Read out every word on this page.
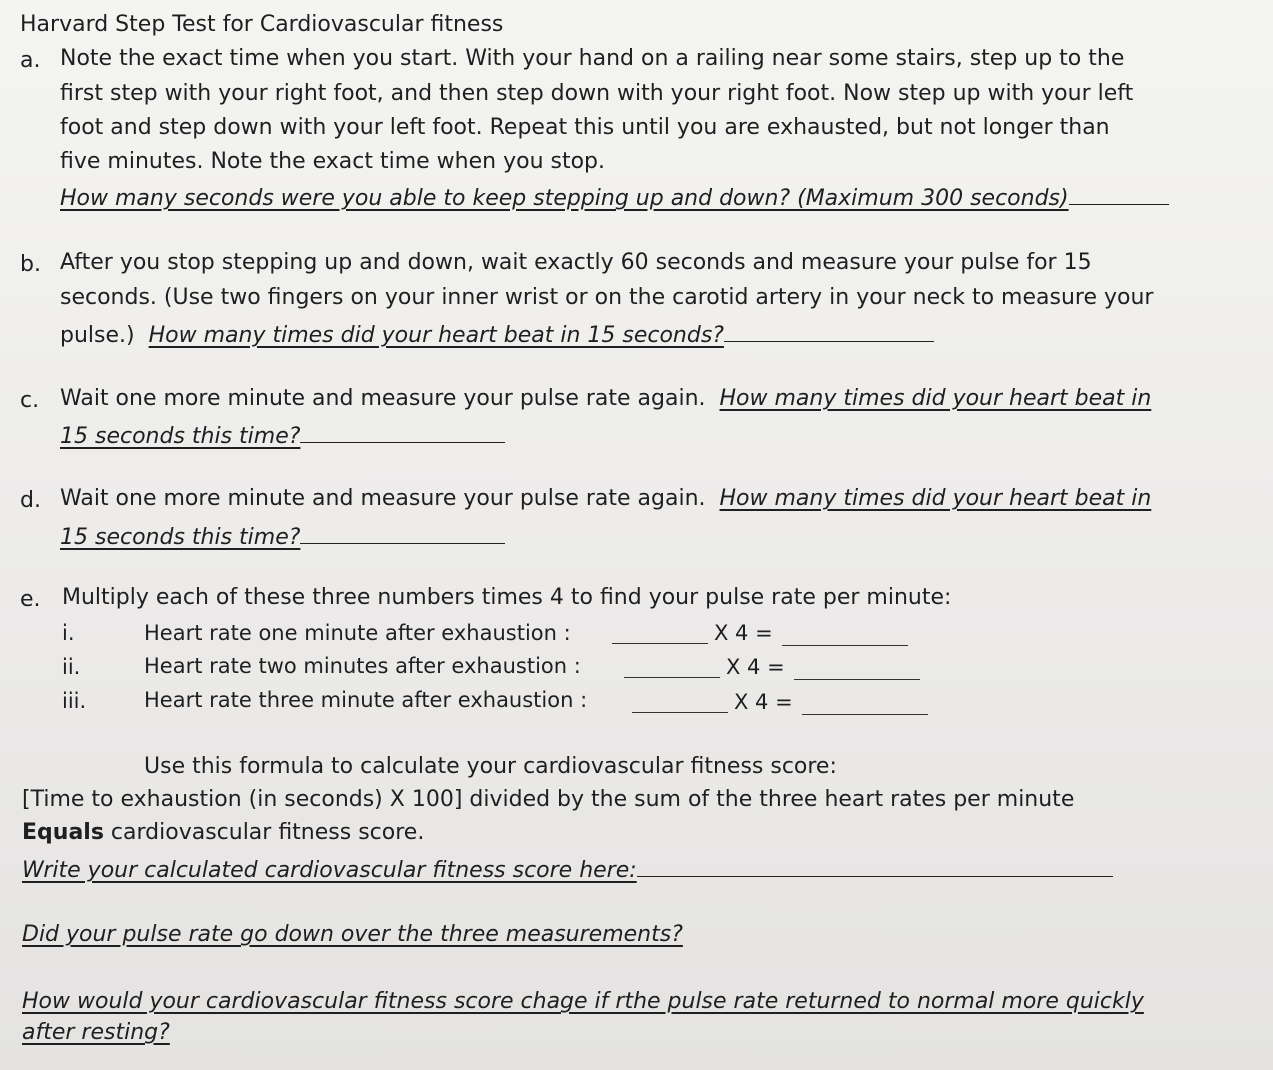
Harvard Step Test for Cardiovascular fitness
a. Note the exact time when you start. With your hand on a railing near some stairs, step up to the
first step with your right foot, and then step down with your right foot. Now step up with your left
foot and step down with your left foot. Repeat this until you are exhausted, but not longer than
five minutes. Note the exact time when you stop.
How many seconds were you able to keep stepping up and down? (Maximum 300 seconds)
b. After you stop stepping up and down, wait exactly 60 seconds and measure your pulse for 15
seconds. (Use two fingers on your inner wrist or on the carotid artery in your neck to measure your
pulse.) How many times did your heart beat in 15 seconds?
c. Wait one more minute and measure your pulse rate again. How many times did your heart beat in
15 seconds this time?
d. Wait one more minute and measure your pulse rate again. How many times did your heart beat in
15 seconds this time?
e. Multiply each of these three numbers times 4 to find your pulse rate per minute:
i.	Heart rate one minute after exhaustion :	X 4 =
ii.	Heart rate two minutes after exhaustion :	X 4 =
iii.	Heart rate three minute after exhaustion :	X 4 =
Use this formula to calculate your cardiovascular fitness score:
[Time to exhaustion (in seconds) X 100] divided by the sum of the three heart rates per minute
Equals cardiovascular fitness score.
Write your calculated cardiovascular fitness score here:
Did your pulse rate go down over the three measurements?
How would your cardiovascular fitness score chage if rthe pulse rate returned to normal more quickly
after resting?
